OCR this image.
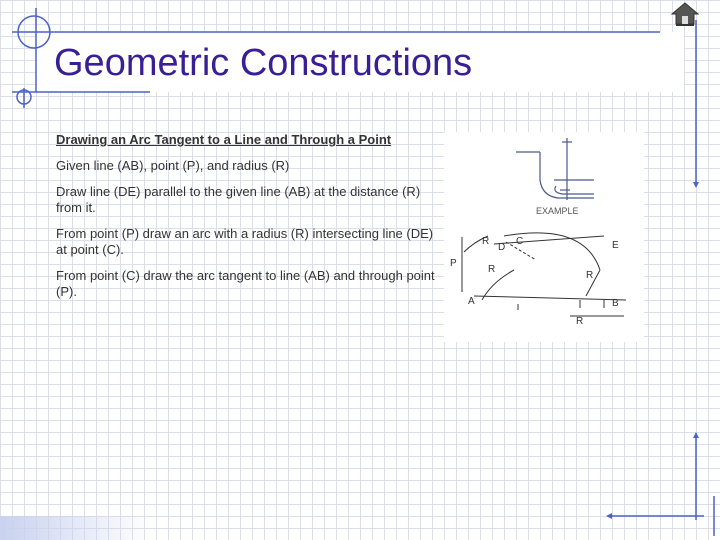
Geometric Constructions

Drawing an Arc Tangent to a Line and Through a Point

Given line (AB), point (P), and radius (R)

Draw line (DE) parallel to the given line (AB) at the distance (R) from it.

From point (P) draw an arc with a radius (R) intersecting line (DE) at point (C).

From point (C) draw the arc tangent to line (AB) and through point (P).

EXAMPLE
R	C
D	E
P
R
R
A	B
R
